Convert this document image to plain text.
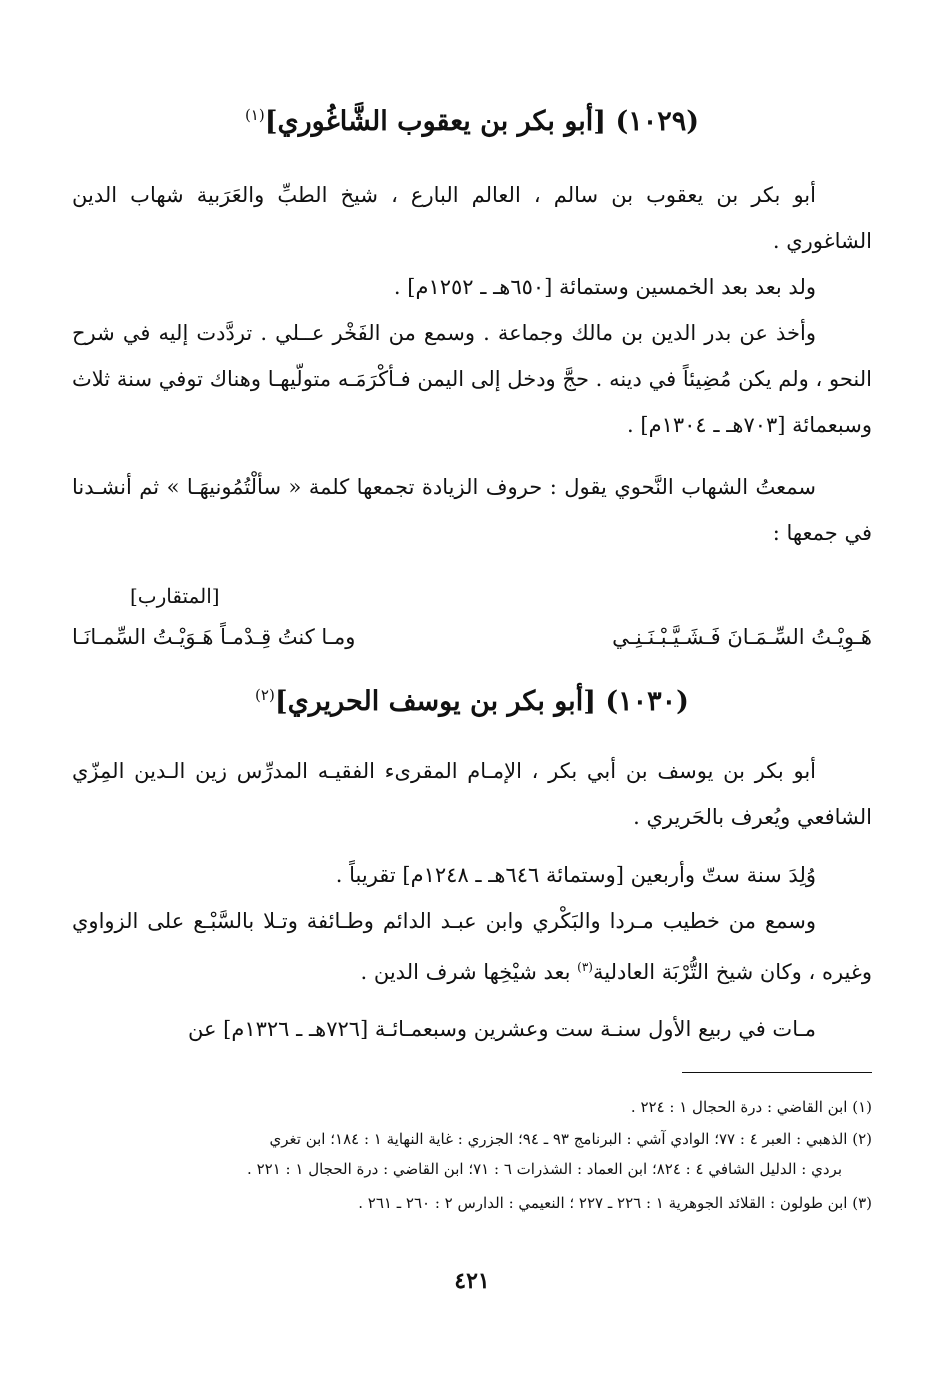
(١٠٢٩) [أبو بكر بن يعقوب الشَّاغُوري]$^{(١)}$

أبو بكر بن يعقوب بن سالم ، العالم البارع ، شيخ الطبِّ والعَرَبية شهاب الدين الشاغوري .

ولد بعد بعد الخمسين وستمائة [٦٥٠هـ ـ ١٢٥٢م] .

وأخذ عن بدر الدين بن مالك وجماعة . وسمع من الفَخْر عــلي . تردَّدت إليه في شرح النحو ، ولم يكن مُضِيئاً في دينه . حجَّ ودخل إلى اليمن فـأكْرَمَـه متولّيهـا وهناك توفي سنة ثلاث وسبعمائة [٧٠٣هـ ـ ١٣٠٤م] .

سمعتُ الشهاب النَّحوي يقول : حروف الزيادة تجمعها كلمة « سألْتُمُونيهَـا » ثم أنشـدنا في جمعها :

[المتقارب]
هَـوِيْـتُ السِّـمَـانَ فَـشَـيَّـبْـنَـنِـي
ومـا كنتُ قِـدْمـاً هَـوَيْـتُ السِّمـانَـا
(١٠٣٠) [أبو بكر بن يوسف الحريري]$^{(٢)}$

أبو بكر بن يوسف بن أبي بكر ، الإمـام المقرىء الفقيـه المدرِّس زين الـدين المِزّي الشافعي ويُعرف بالحَريري .

وُلِدَ سنة ستّ وأربعين [وستمائة ٦٤٦هـ ـ ١٢٤٨م] تقريباً .

وسمع من خطيب مـردا والبَكْري وابن عبـد الدائم وطـائفة وتـلا بالسَّبْـع على الزواوي وغيره ، وكان شيخ التُّرْبَة العادلية$^{(٣)}$ بعد شيْخِها شرف الدين .

مـات في ربيع الأول سنـة ست وعشرين وسبعمـائـة [٧٢٦هـ ـ ١٣٢٦م] عن

(١) ابن القاضي : درة الحجال ١ : ٢٢٤ .

(٢) الذهبي : العبر ٤ : ٧٧؛ الوادي آشي : البرنامج ٩٣ ـ ٩٤؛ الجزري : غاية النهاية ١ : ١٨٤؛ ابن تغري
بردي : الدليل الشافي ٤ : ٨٢٤؛ ابن العماد : الشذرات ٦ : ٧١؛ ابن القاضي : درة الحجال ١ : ٢٢١ .

(٣) ابن طولون : القلائد الجوهرية ١ : ٢٢٦ ـ ٢٢٧ ؛ النعيمي : الدارس ٢ : ٢٦٠ ـ ٢٦١ .

٤٢١
